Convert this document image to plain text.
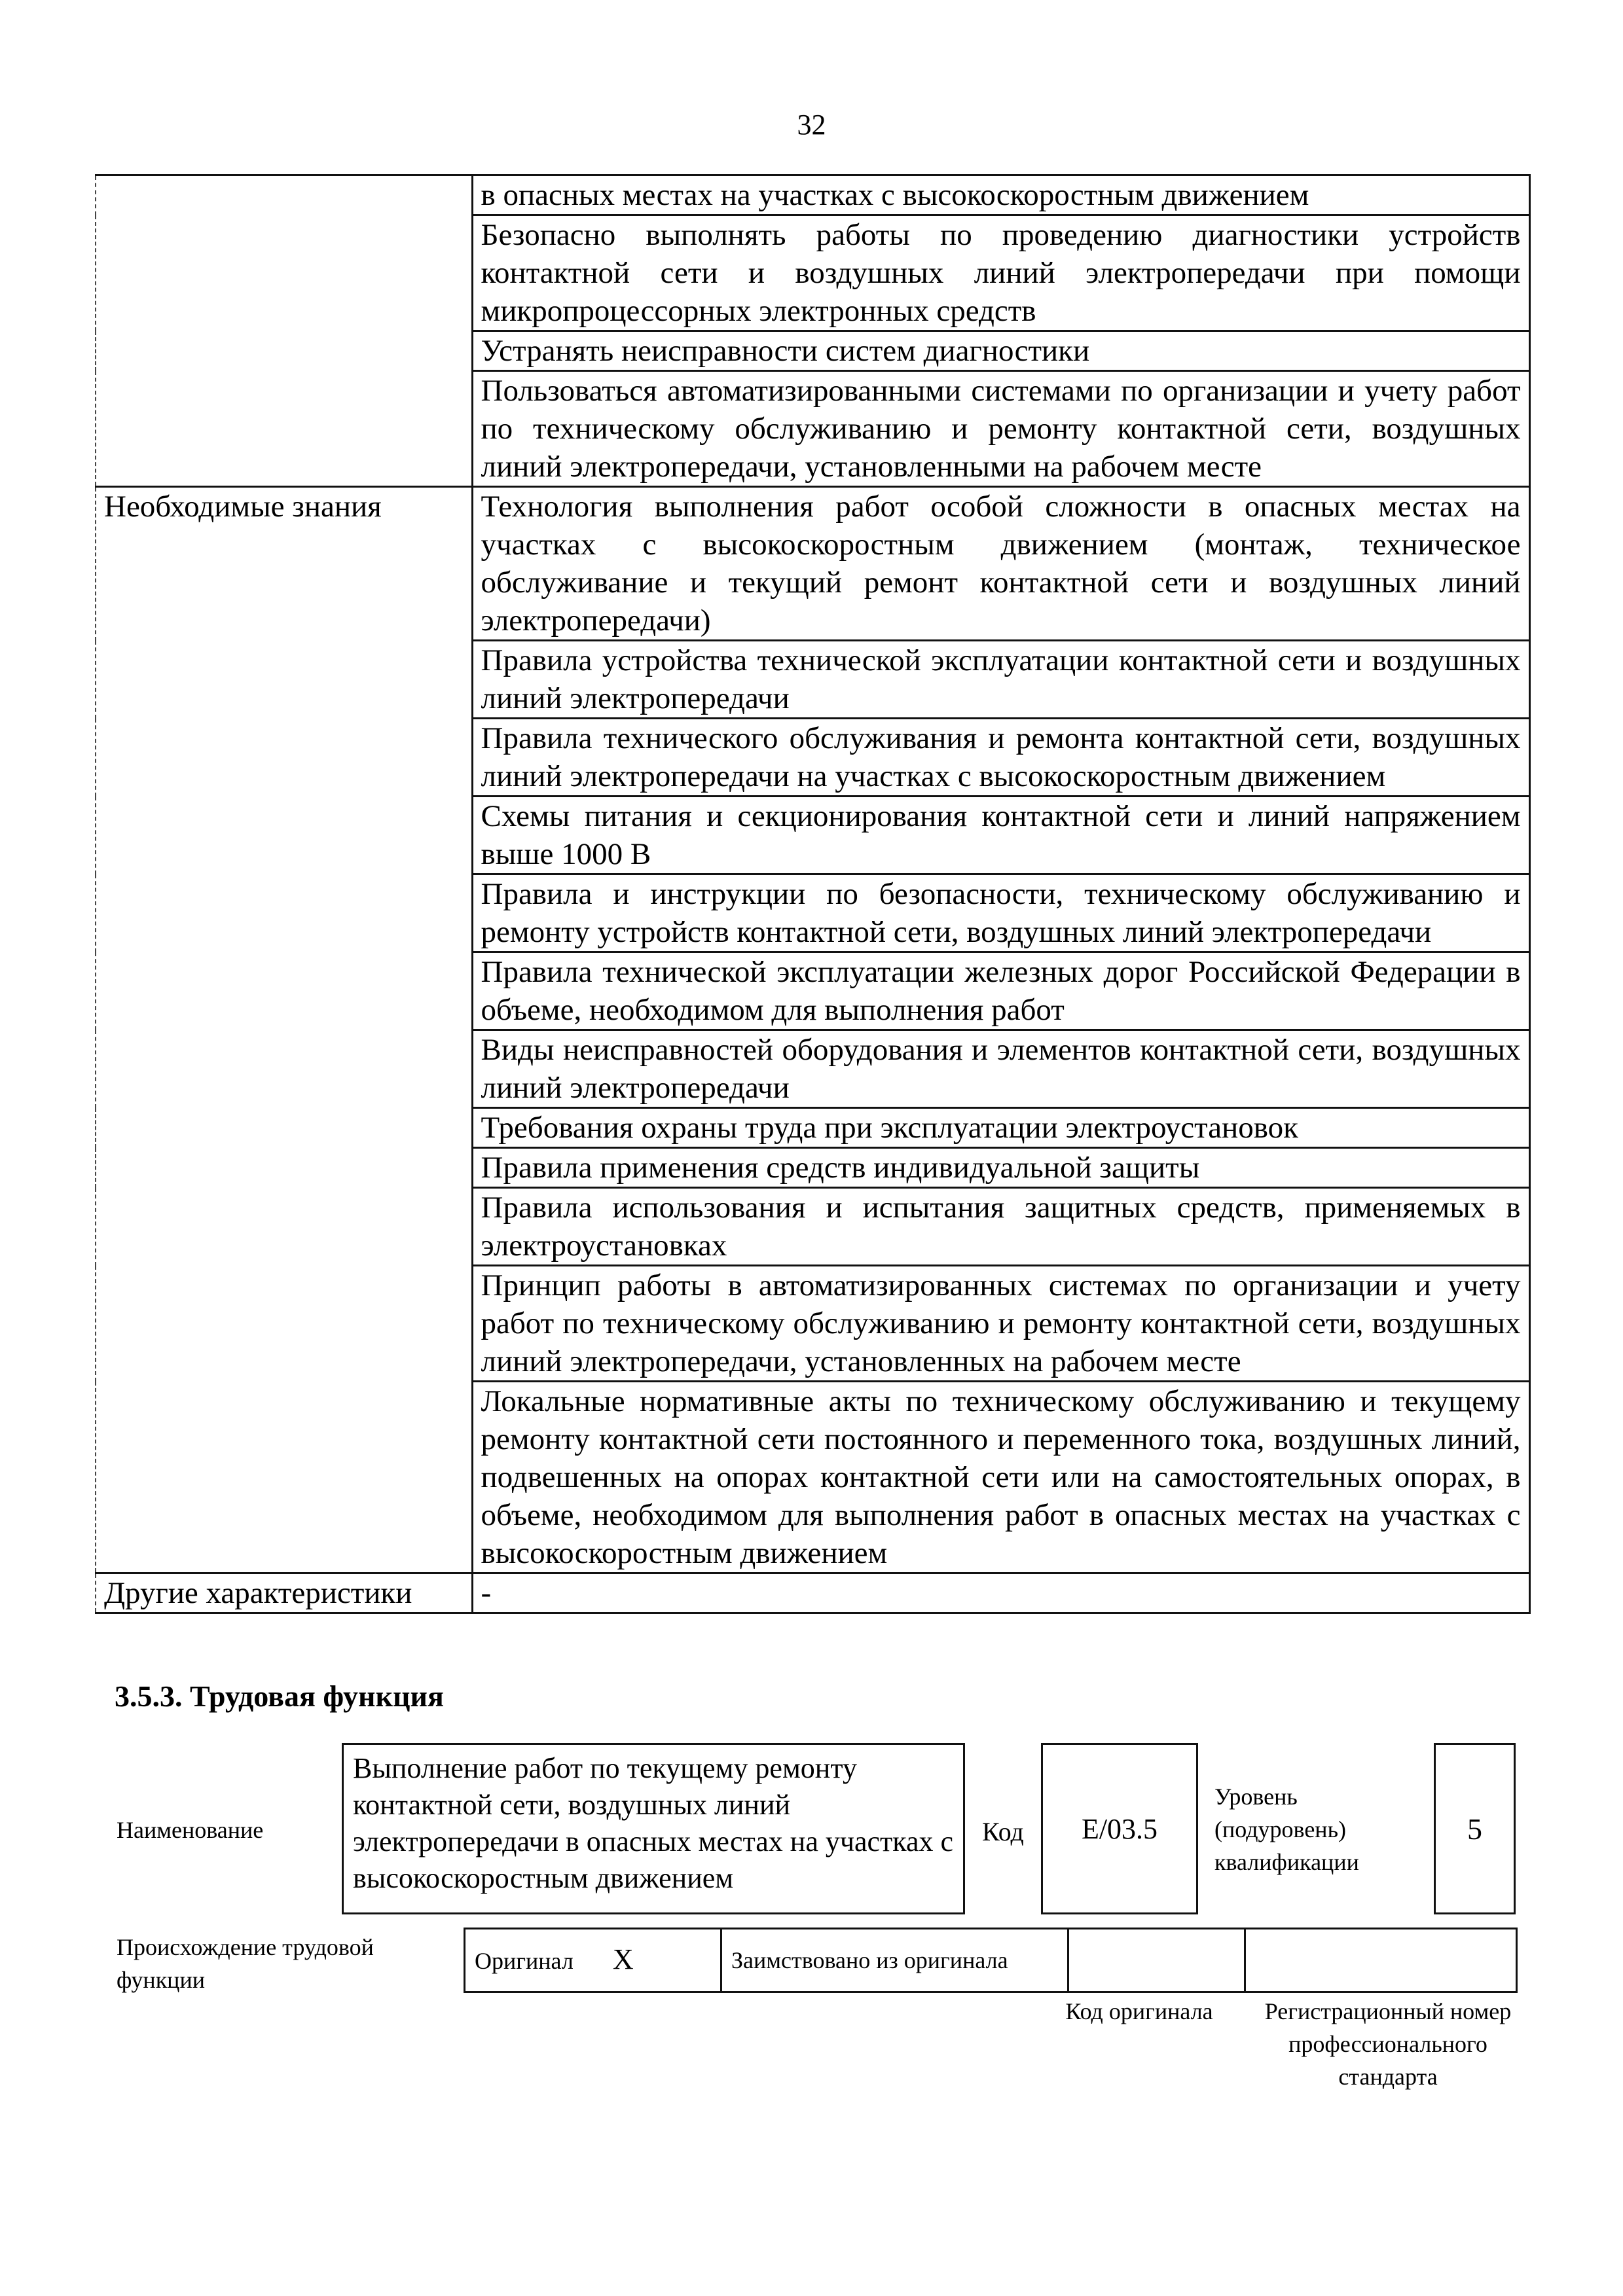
32
	в опасных местах на участках с высокоскоростным движением
	Безопасно выполнять работы по проведению диагностики устройств контактной сети и воздушных линий электропередачи при помощи микропроцессорных электронных средств
	Устранять неисправности систем диагностики
	Пользоваться автоматизированными системами по организации и учету работ по техническому обслуживанию и ремонту контактной сети, воздушных линий электропередачи, установленными на рабочем месте
Необходимые знания	Технология выполнения работ особой сложности в опасных местах на участках с высокоскоростным движением (монтаж, техническое обслуживание и текущий ремонт контактной сети и воздушных линий электропередачи)
	Правила устройства технической эксплуатации контактной сети и воздушных линий электропередачи
	Правила технического обслуживания и ремонта контактной сети, воздушных линий электропередачи на участках с высокоскоростным движением
	Схемы питания и секционирования контактной сети и линий напряжением выше 1000 В
	Правила и инструкции по безопасности, техническому обслуживанию и ремонту устройств контактной сети, воздушных линий электропередачи
	Правила технической эксплуатации железных дорог Российской Федерации в объеме, необходимом для выполнения работ
	Виды неисправностей оборудования и элементов контактной сети, воздушных линий электропередачи
	Требования охраны труда при эксплуатации электроустановок
	Правила применения средств индивидуальной защиты
	Правила использования и испытания защитных средств, применяемых в электроустановках
	Принцип работы в автоматизированных системах по организации и учету работ по техническому обслуживанию и ремонту контактной сети, воздушных линий электропередачи, установленных на рабочем месте
	Локальные нормативные акты по техническому обслуживанию и текущему ремонту контактной сети постоянного и переменного тока, воздушных линий, подвешенных на опорах контактной сети или на самостоятельных опорах, в объеме, необходимом для выполнения работ в опасных местах на участках с высокоскоростным движением
Другие характеристики	-
3.5.3. Трудовая функция
Наименование
Выполнение работ по текущему ремонту контактной сети, воздушных линий электропередачи в опасных местах на участках с высокоскоростным движением
Код	E/03.5
Уровень (подуровень) квалификации
5
Происхождение трудовой функции
Оригинал X	Заимствовано из оригинала		
Код оригинала	Регистрационный номер профессионального стандарта
